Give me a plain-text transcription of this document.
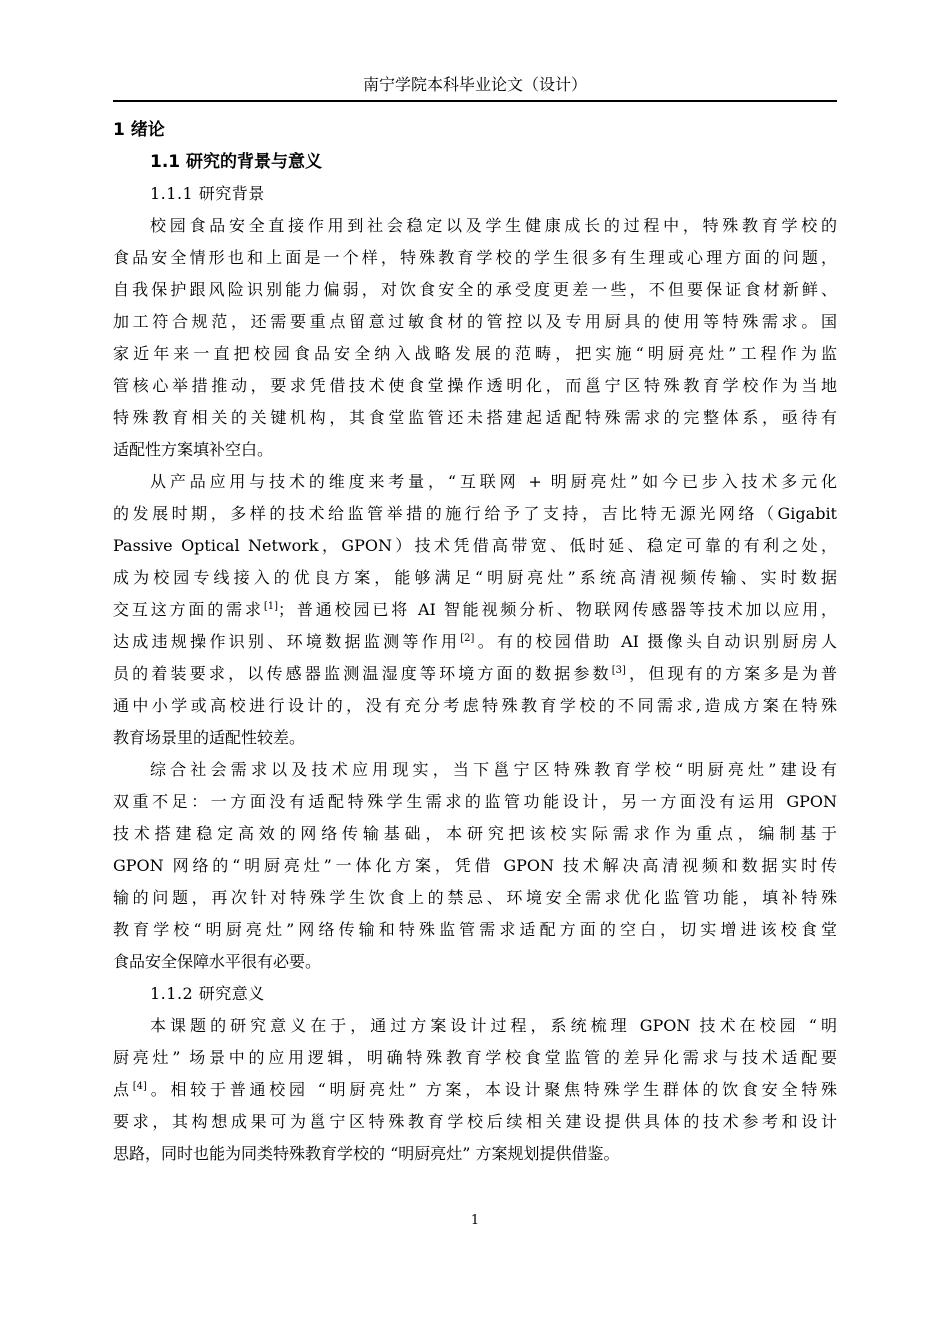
南宁学院本科毕业论文（设计）
1 绪论
1.1 研究的背景与意义
1.1.1 研究背景
校园食品安全直接作用到社会稳定以及学生健康成长的过程中，特殊教育学校的
食品安全情形也和上面是一个样，特殊教育学校的学生很多有生理或心理方面的问题，
自我保护跟风险识别能力偏弱，对饮食安全的承受度更差一些，不但要保证食材新鲜、
加工符合规范，还需要重点留意过敏食材的管控以及专用厨具的使用等特殊需求。国
家近年来一直把校园食品安全纳入战略发展的范畴，把实施“明厨亮灶”工程作为监
管核心举措推动，要求凭借技术使食堂操作透明化，而邕宁区特殊教育学校作为当地
特殊教育相关的关键机构，其食堂监管还未搭建起适配特殊需求的完整体系，亟待有
适配性方案填补空白。
从产品应用与技术的维度来考量，“互联网 + 明厨亮灶”如今已步入技术多元化
的发展时期，多样的技术给监管举措的施行给予了支持，吉比特无源光网络（Gigabit
Passive Optical Network，GPON）技术凭借高带宽、低时延、稳定可靠的有利之处，
成为校园专线接入的优良方案，能够满足“明厨亮灶”系统高清视频传输、实时数据
交互这方面的需求[1]；普通校园已将 AI 智能视频分析、物联网传感器等技术加以应用，
达成违规操作识别、环境数据监测等作用[2]。有的校园借助 AI 摄像头自动识别厨房人
员的着装要求，以传感器监测温湿度等环境方面的数据参数[3]，但现有的方案多是为普
通中小学或高校进行设计的，没有充分考虑特殊教育学校的不同需求,造成方案在特殊
教育场景里的适配性较差。
综合社会需求以及技术应用现实，当下邕宁区特殊教育学校“明厨亮灶”建设有
双重不足：一方面没有适配特殊学生需求的监管功能设计，另一方面没有运用 GPON
技术搭建稳定高效的网络传输基础，本研究把该校实际需求作为重点，编制基于
GPON 网络的“明厨亮灶”一体化方案，凭借 GPON 技术解决高清视频和数据实时传
输的问题，再次针对特殊学生饮食上的禁忌、环境安全需求优化监管功能，填补特殊
教育学校“明厨亮灶”网络传输和特殊监管需求适配方面的空白，切实增进该校食堂
食品安全保障水平很有必要。
1.1.2 研究意义
本课题的研究意义在于，通过方案设计过程，系统梳理 GPON 技术在校园 “明
厨亮灶” 场景中的应用逻辑，明确特殊教育学校食堂监管的差异化需求与技术适配要
点[4]。相较于普通校园 “明厨亮灶” 方案，本设计聚焦特殊学生群体的饮食安全特殊
要求，其构想成果可为邕宁区特殊教育学校后续相关建设提供具体的技术参考和设计
思路，同时也能为同类特殊教育学校的 “明厨亮灶” 方案规划提供借鉴。
1
